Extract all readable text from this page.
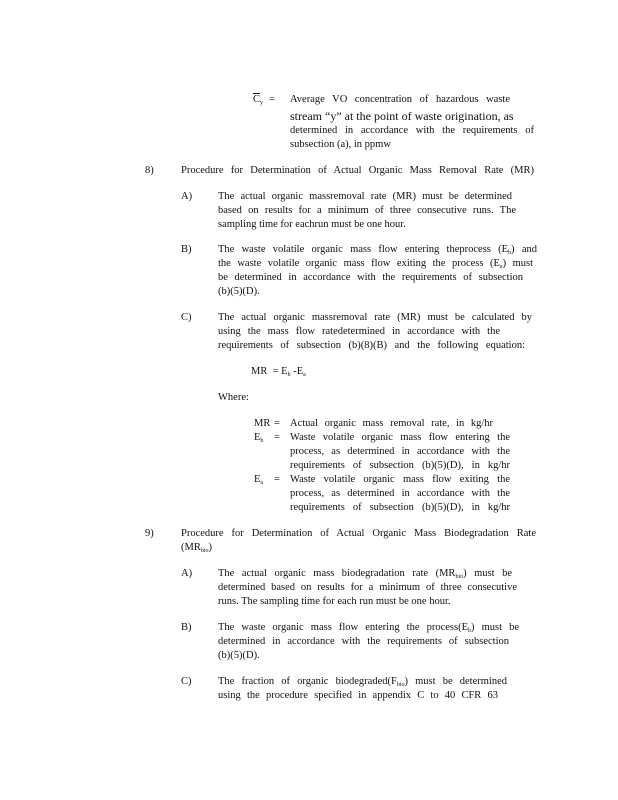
$\overline{C}_y$ = Average VO concentration of hazardous waste
stream “y” at the point of waste origination, as
determined in accordance with the requirements of
subsection (a), in ppmw
8)	Procedure for Determination of Actual Organic Mass Removal Rate (MR)
A) The actual organic massremoval rate (MR) must be determined
based on results for a minimum of three consecutive runs. The
sampling time for eachrun must be one hour.
B)	The waste volatile organic mass flow entering theprocess $(E_b)$ and
the waste volatile organic mass flow exiting the process $(E_a)$ must
be determined in accordance with the requirements of subsection
(b)(5)(D).
C)	The actual organic massremoval rate (MR) must be calculated by
using the mass flow ratedetermined in accordance with the
requirements of subsection (b)(8)(B) and the following equation:
MR = $E_b$ $-E_a$
Where:
MR = Actual organic mass removal rate, in kg/hr
$E_b$ = Waste volatile organic mass flow entering the
process, as determined in accordance with the
requirements of subsection (b)(5)(D), in kg/hr
$E_a$ = Waste volatile organic mass flow exiting the
process, as determined in accordance with the
requirements of subsection (b)(5)(D), in kg/hr
9)	Procedure for Determination of Actual Organic Mass Biodegradation Rate
$(MR_{bio})$
A) The actual organic mass biodegradation rate $(MR_{bio})$ must be
determined based on results for a minimum of three consecutive
runs. The sampling time for each run must be one hour.
B)	The waste organic mass flow entering the $process(E_b)$ must be
determined in accordance with the requirements of subsection
(b)(5)(D).
C)	The fraction of organic $biodegraded(F_{bio})$ must be determined
using the procedure specified in appendix C to 40 CFR 63
